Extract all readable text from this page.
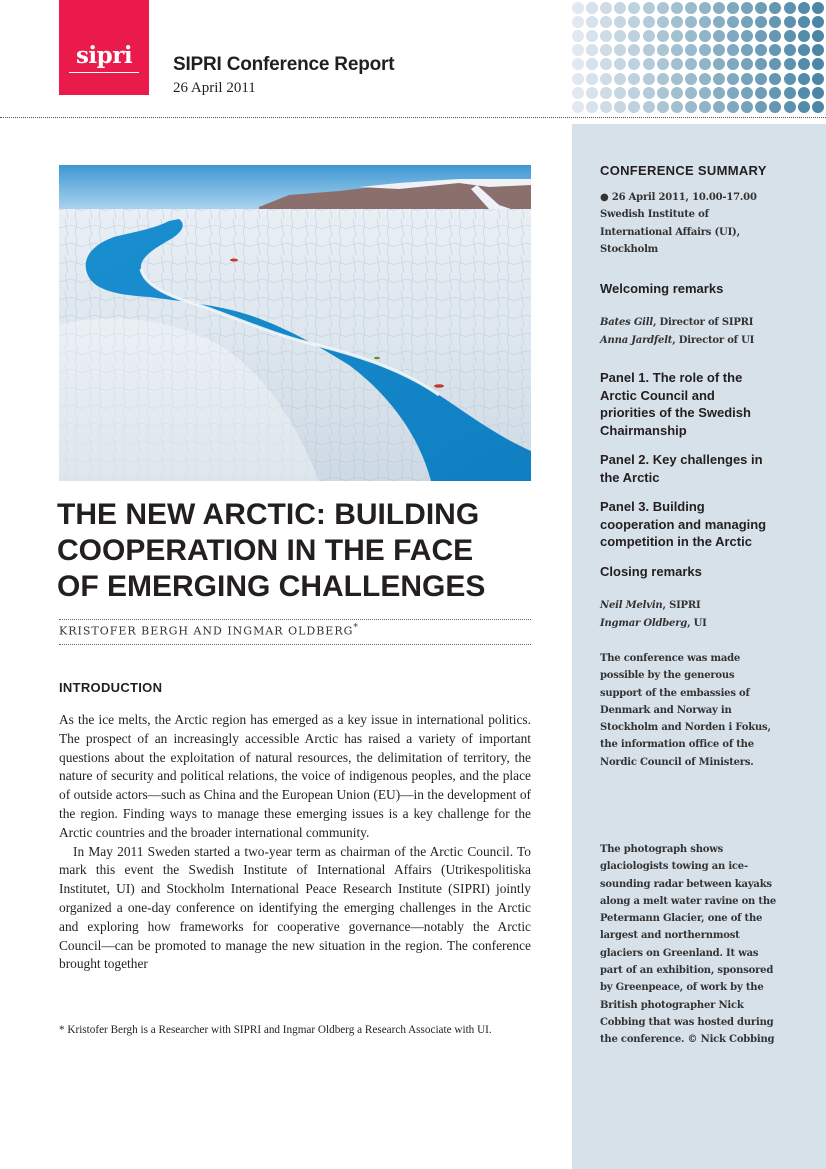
sipri	SIPRI Conference Report
26 April 2011
THE NEW ARCTIC: BUILDING
COOPERATION IN THE FACE
OF EMERGING CHALLENGES
KRISTOFER BERGH AND INGMAR OLDBERG*
INTRODUCTION

As the ice melts, the Arctic region has emerged as a key issue in international politics. The prospect of an increasingly accessible Arctic has raised a variety of important questions about the exploitation of natural resources, the delimitation of territory, the nature of security and political relations, the voice of indigenous peoples, and the place of outside actors—such as China and the European Union (EU)—in the development of the region. Finding ways to manage these emerging issues is a key challenge for the Arctic countries and the broader international community.

In May 2011 Sweden started a two-year term as chairman of the Arctic Council. To mark this event the Swedish Institute of International Affairs (Utrikespolitiska Institutet, UI) and Stockholm International Peace Research Institute (SIPRI) jointly organized a one-day conference on identifying the emerging challenges in the Arctic and exploring how frameworks for cooperative governance—notably the Arctic Council—can be promoted to manage the new situation in the region. The conference brought together

* Kristofer Bergh is a Researcher with SIPRI and Ingmar Oldberg a Research Associate with UI.
CONFERENCE SUMMARY
● 26 April 2011, 10.00-17.00
Swedish Institute of
International Affairs (UI),
Stockholm
Welcoming remarks
Bates Gill, Director of SIPRI
Anna Jardfelt, Director of UI
Panel 1. The role of the
Arctic Council and
priorities of the Swedish
Chairmanship
Panel 2. Key challenges in
the Arctic
Panel 3. Building
cooperation and managing
competition in the Arctic
Closing remarks
Neil Melvin, SIPRI
Ingmar Oldberg, UI
The conference was made
possible by the generous
support of the embassies of
Denmark and Norway in
Stockholm and Norden i Fokus,
the information office of the
Nordic Council of Ministers.
The photograph shows
glaciologists towing an ice-
sounding radar between kayaks
along a melt water ravine on the
Petermann Glacier, one of the
largest and northernmost
glaciers on Greenland. It was
part of an exhibition, sponsored
by Greenpeace, of work by the
British photographer Nick
Cobbing that was hosted during
the conference. © Nick Cobbing
